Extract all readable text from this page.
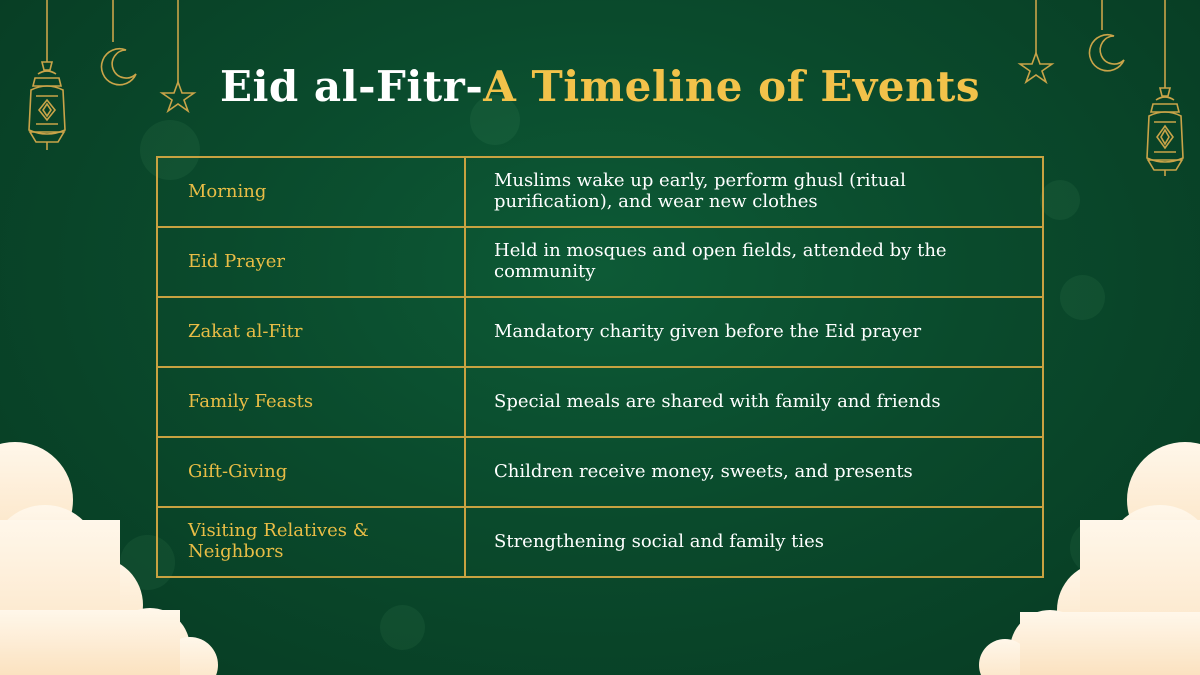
Eid al-Fitr-A Timeline of Events
Morning	Muslims wake up early, perform ghusl (ritual purification), and wear new clothes
Eid Prayer	Held in mosques and open fields, attended by the community
Zakat al-Fitr	Mandatory charity given before the Eid prayer
Family Feasts	Special meals are shared with family and friends
Gift-Giving	Children receive money, sweets, and presents
Visiting Relatives & Neighbors	Strengthening social and family ties
